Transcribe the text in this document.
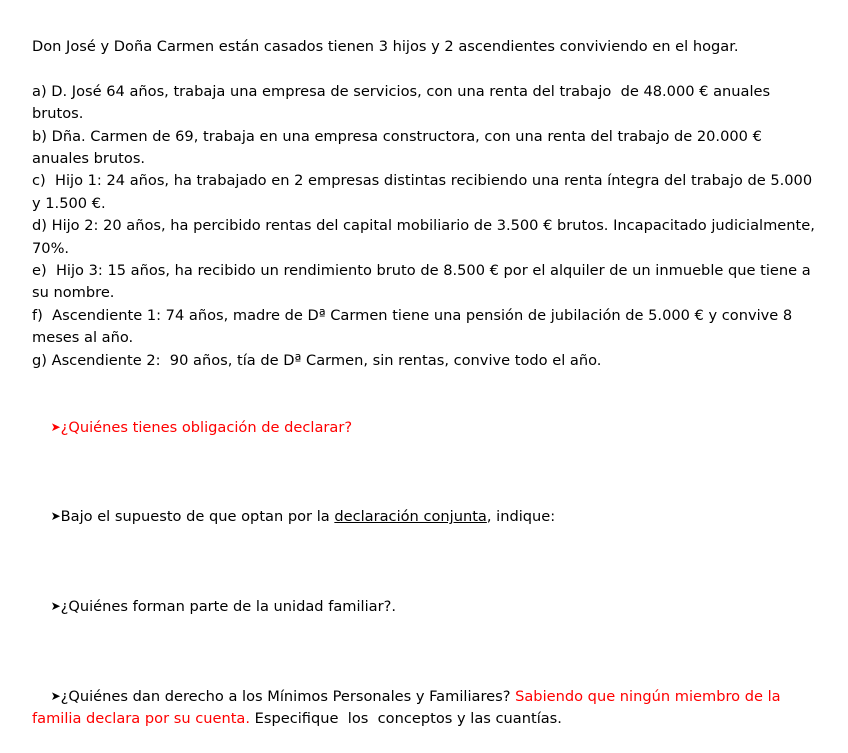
Don José y Doña Carmen están casados tienen 3 hijos y 2 ascendientes conviviendo en el hogar.

a) D. José 64 años, trabaja una empresa de servicios, con una renta del trabajo  de 48.000 € anuales brutos.

b) Dña. Carmen de 69, trabaja en una empresa constructora, con una renta del trabajo de 20.000 € anuales brutos.

c)  Hijo 1: 24 años, ha trabajado en 2 empresas distintas recibiendo una renta íntegra del trabajo de 5.000 y 1.500 €.

d) Hijo 2: 20 años, ha percibido rentas del capital mobiliario de 3.500 € brutos. Incapacitado judicialmente, 70%.

e)  Hijo 3: 15 años, ha recibido un rendimiento bruto de 8.500 € por el alquiler de un inmueble que tiene a su nombre.

f)  Ascendiente 1: 74 años, madre de Dª Carmen tiene una pensión de jubilación de 5.000 € y convive 8 meses al año.

g) Ascendiente 2:  90 años, tía de Dª Carmen, sin rentas, convive todo el año.

➤¿Quiénes tienes obligación de declarar?

➤Bajo el supuesto de que optan por la declaración conjunta, indique:

➤¿Quiénes forman parte de la unidad familiar?.

➤¿Quiénes dan derecho a los Mínimos Personales y Familiares? Sabiendo que ningún miembro de la familia declara por su cuenta. Especifique  los  conceptos y las cuantías.
